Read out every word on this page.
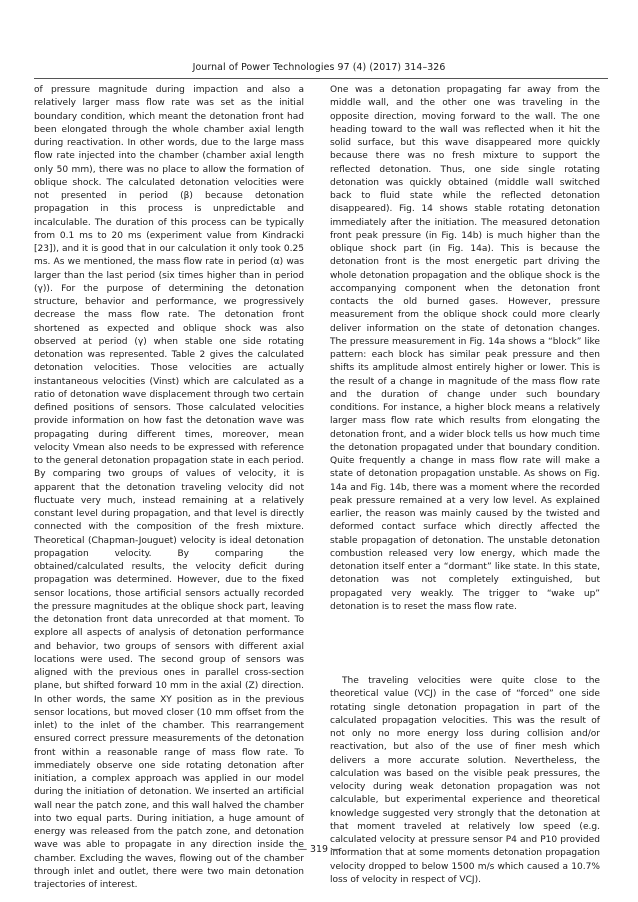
Journal of Power Technologies 97 (4) (2017) 314–326

of pressure magnitude during impaction and also a relatively larger mass flow rate was set as the initial boundary condition, which meant the detonation front had been elongated through the whole chamber axial length during reactivation. In other words, due to the large mass flow rate injected into the chamber (chamber axial length only 50 mm), there was no place to allow the formation of oblique shock. The calculated detonation velocities were not presented in period (β) because detonation propagation in this process is unpredictable and incalculable. The duration of this process can be typically from 0.1 ms to 20 ms (experiment value from Kindracki [23]), and it is good that in our calculation it only took 0.25 ms. As we mentioned, the mass flow rate in period (α) was larger than the last period (six times higher than in period (γ)). For the purpose of determining the detonation structure, behavior and performance, we progressively decrease the mass flow rate. The detonation front shortened as expected and oblique shock was also observed at period (γ) when stable one side rotating detonation was represented. Table 2 gives the calculated detonation velocities. Those velocities are actually instantaneous velocities (Vinst) which are calculated as a ratio of detonation wave displacement through two certain defined positions of sensors. Those calculated velocities provide information on how fast the detonation wave was propagating during different times, moreover, mean velocity Vmean also needs to be expressed with reference to the general detonation propagation state in each period. By comparing two groups of values of velocity, it is apparent that the detonation traveling velocity did not fluctuate very much, instead remaining at a relatively constant level during propagation, and that level is directly connected with the composition of the fresh mixture. Theoretical (Chapman-Jouguet) velocity is ideal detonation propagation velocity. By comparing the obtained/calculated results, the velocity deficit during propagation was determined. However, due to the fixed sensor locations, those artificial sensors actually recorded the pressure magnitudes at the oblique shock part, leaving the detonation front data unrecorded at that moment. To explore all aspects of analysis of detonation performance and behavior, two groups of sensors with different axial locations were used. The second group of sensors was aligned with the previous ones in parallel cross-section plane, but shifted forward 10 mm in the axial (Z) direction. In other words, the same XY position as in the previous sensor locations, but moved closer (10 mm offset from the inlet) to the inlet of the chamber. This rearrangement ensured correct pressure measurements of the detonation front within a reasonable range of mass flow rate. To immediately observe one side rotating detonation after initiation, a complex approach was applied in our model during the initiation of detonation. We inserted an artificial wall near the patch zone, and this wall halved the chamber into two equal parts. During initiation, a huge amount of energy was released from the patch zone, and detonation wave was able to propagate in any direction inside the chamber. Excluding the waves, flowing out of the chamber through inlet and outlet, there were two main detonation trajectories of interest.

One was a detonation propagating far away from the middle wall, and the other one was traveling in the opposite direction, moving forward to the wall. The one heading toward to the wall was reflected when it hit the solid surface, but this wave disappeared more quickly because there was no fresh mixture to support the reflected detonation. Thus, one side single rotating detonation was quickly obtained (middle wall switched back to fluid state while the reflected detonation disappeared). Fig. 14 shows stable rotating detonation immediately after the initiation. The measured detonation front peak pressure (in Fig. 14b) is much higher than the oblique shock part (in Fig. 14a). This is because the detonation front is the most energetic part driving the whole detonation propagation and the oblique shock is the accompanying component when the detonation front contacts the old burned gases. However, pressure measurement from the oblique shock could more clearly deliver information on the state of detonation changes. The pressure measurement in Fig. 14a shows a “block” like pattern: each block has similar peak pressure and then shifts its amplitude almost entirely higher or lower. This is the result of a change in magnitude of the mass flow rate and the duration of change under such boundary conditions. For instance, a higher block means a relatively larger mass flow rate which results from elongating the detonation front, and a wider block tells us how much time the detonation propagated under that boundary condition. Quite frequently a change in mass flow rate will make a state of detonation propagation unstable. As shows on Fig. 14a and Fig. 14b, there was a moment where the recorded peak pressure remained at a very low level. As explained earlier, the reason was mainly caused by the twisted and deformed contact surface which directly affected the stable propagation of detonation. The unstable detonation combustion released very low energy, which made the detonation itself enter a “dormant” like state. In this state, detonation was not completely extinguished, but propagated very weakly. The trigger to “wake up” detonation is to reset the mass flow rate.

The traveling velocities were quite close to the theoretical value (VCJ) in the case of “forced” one side rotating single detonation propagation in part of the calculated propagation velocities. This was the result of not only no more energy loss during collision and/or reactivation, but also of the use of finer mesh which delivers a more accurate solution. Nevertheless, the calculation was based on the visible peak pressures, the velocity during weak detonation propagation was not calculable, but experimental experience and theoretical knowledge suggested very strongly that the detonation at that moment traveled at relatively low speed (e.g. calculated velocity at pressure sensor P4 and P10 provided information that at some moments detonation propagation velocity dropped to below 1500 m/s which caused a 10.7% loss of velocity in respect of VCJ).

— 319 —
